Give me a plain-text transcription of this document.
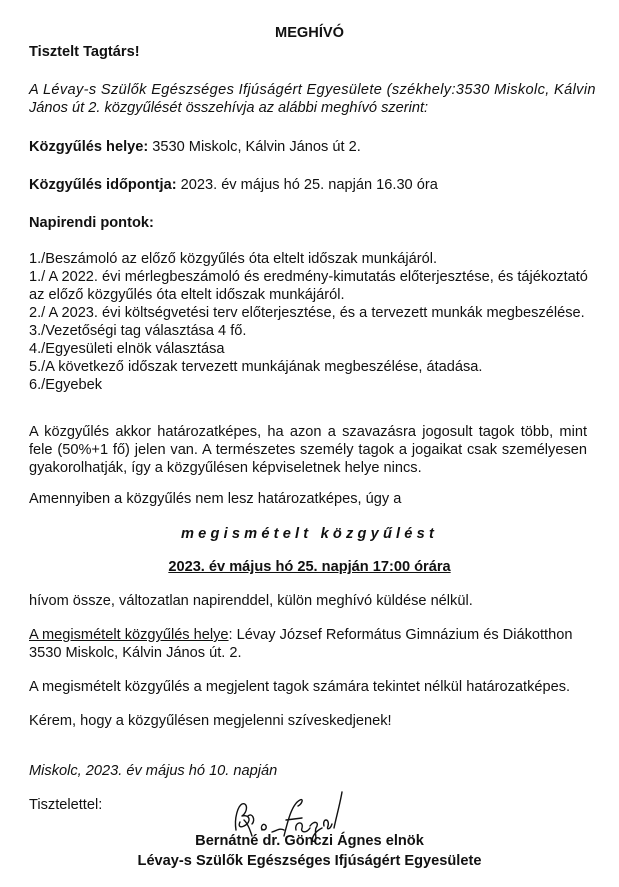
MEGHÍVÓ
Tisztelt Tagtárs!
A Lévay-s Szülők Egészséges Ifjúságért Egyesülete (székhely:3530 Miskolc, Kálvin
János út 2. közgyűlését összehívja az alábbi meghívó szerint:
Közgyűlés helye: 3530 Miskolc, Kálvin János út 2.
Közgyűlés időpontja: 2023. év május hó 25. napján 16.30 óra
Napirendi pontok:
1./Beszámoló az előző közgyűlés óta eltelt időszak munkájáról.
1./ A 2022. évi mérlegbeszámoló és eredmény-kimutatás előterjesztése, és tájékoztató
az előző közgyűlés óta eltelt időszak munkájáról.
2./ A 2023. évi költségvetési terv előterjesztése, és a tervezett munkák megbeszélése.
3./Vezetőségi tag választása 4 fő.
4./Egyesületi elnök választása
5./A következő időszak tervezett munkájának megbeszélése, átadása.
6./Egyebek
A közgyűlés akkor határozatképes, ha azon a szavazásra jogosult tagok több, mint fele (50%+1 fő) jelen van. A természetes személy tagok a jogaikat csak személyesen gyakorolhatják, így a közgyűlésen képviseletnek helye nincs.
Amennyiben a közgyűlés nem lesz határozatképes, úgy a
megismételt közgyűlést
2023. év május hó 25. napján 17:00 órára
hívom össze, változatlan napirenddel, külön meghívó küldése nélkül.
A megismételt közgyűlés helye: Lévay József Református Gimnázium és Diákotthon
3530 Miskolc, Kálvin János út. 2.
A megismételt közgyűlés a megjelent tagok számára tekintet nélkül határozatképes.
Kérem, hogy a közgyűlésen megjelenni szíveskedjenek!
Miskolc, 2023. év május hó 10. napján
Tisztelettel:
Bernátné dr. Gönczi Ágnes elnök
Lévay-s Szülők Egészséges Ifjúságért Egyesülete
